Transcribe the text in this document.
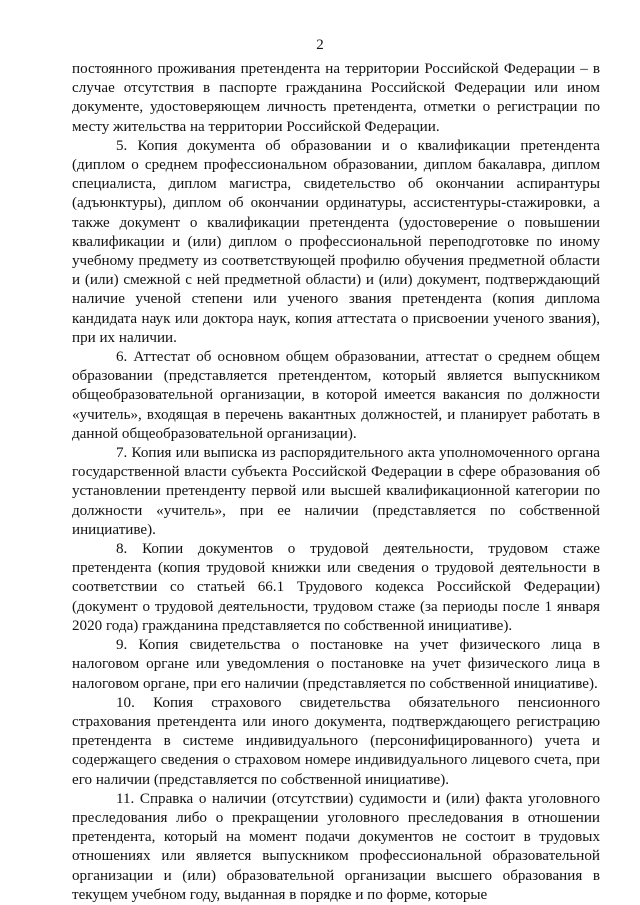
2

постоянного проживания претендента на территории Российской Федерации – в случае отсутствия в паспорте гражданина Российской Федерации или ином документе, удостоверяющем личность претендента, отметки о регистрации по месту жительства на территории Российской Федерации.

5. Копия документа об образовании и о квалификации претендента (диплом о среднем профессиональном образовании, диплом бакалавра, диплом специалиста, диплом магистра, свидетельство об окончании аспирантуры (адъюнктуры), диплом об окончании ординатуры, ассистентуры-стажировки, а также документ о квалификации претендента (удостоверение о повышении квалификации и (или) диплом о профессиональной переподготовке по иному учебному предмету из соответствующей профилю обучения предметной области и (или) смежной с ней предметной области) и (или) документ, подтверждающий наличие ученой степени или ученого звания претендента (копия диплома кандидата наук или доктора наук, копия аттестата о присвоении ученого звания), при их наличии.

6. Аттестат об основном общем образовании, аттестат о среднем общем образовании (представляется претендентом, который является выпускником общеобразовательной организации, в которой имеется вакансия по должности «учитель», входящая в перечень вакантных должностей, и планирует работать в данной общеобразовательной организации).

7. Копия или выписка из распорядительного акта уполномоченного органа государственной власти субъекта Российской Федерации в сфере образования об установлении претенденту первой или высшей квалификационной категории по должности «учитель», при ее наличии (представляется по собственной инициативе).

8. Копии документов о трудовой деятельности, трудовом стаже претендента (копия трудовой книжки или сведения о трудовой деятельности в соответствии со статьей 66.1 Трудового кодекса Российской Федерации) (документ о трудовой деятельности, трудовом стаже (за периоды после 1 января 2020 года) гражданина представляется по собственной инициативе).

9. Копия свидетельства о постановке на учет физического лица в налоговом органе или уведомления о постановке на учет физического лица в налоговом органе, при его наличии (представляется по собственной инициативе).

10. Копия страхового свидетельства обязательного пенсионного страхования претендента или иного документа, подтверждающего регистрацию претендента в системе индивидуального (персонифицированного) учета и содержащего сведения о страховом номере индивидуального лицевого счета, при его наличии (представляется по собственной инициативе).

11. Справка о наличии (отсутствии) судимости и (или) факта уголовного преследования либо о прекращении уголовного преследования в отношении претендента, который на момент подачи документов не состоит в трудовых отношениях или является выпускником профессиональной образовательной организации и (или) образовательной организации высшего образования в текущем учебном году, выданная в порядке и по форме, которые
